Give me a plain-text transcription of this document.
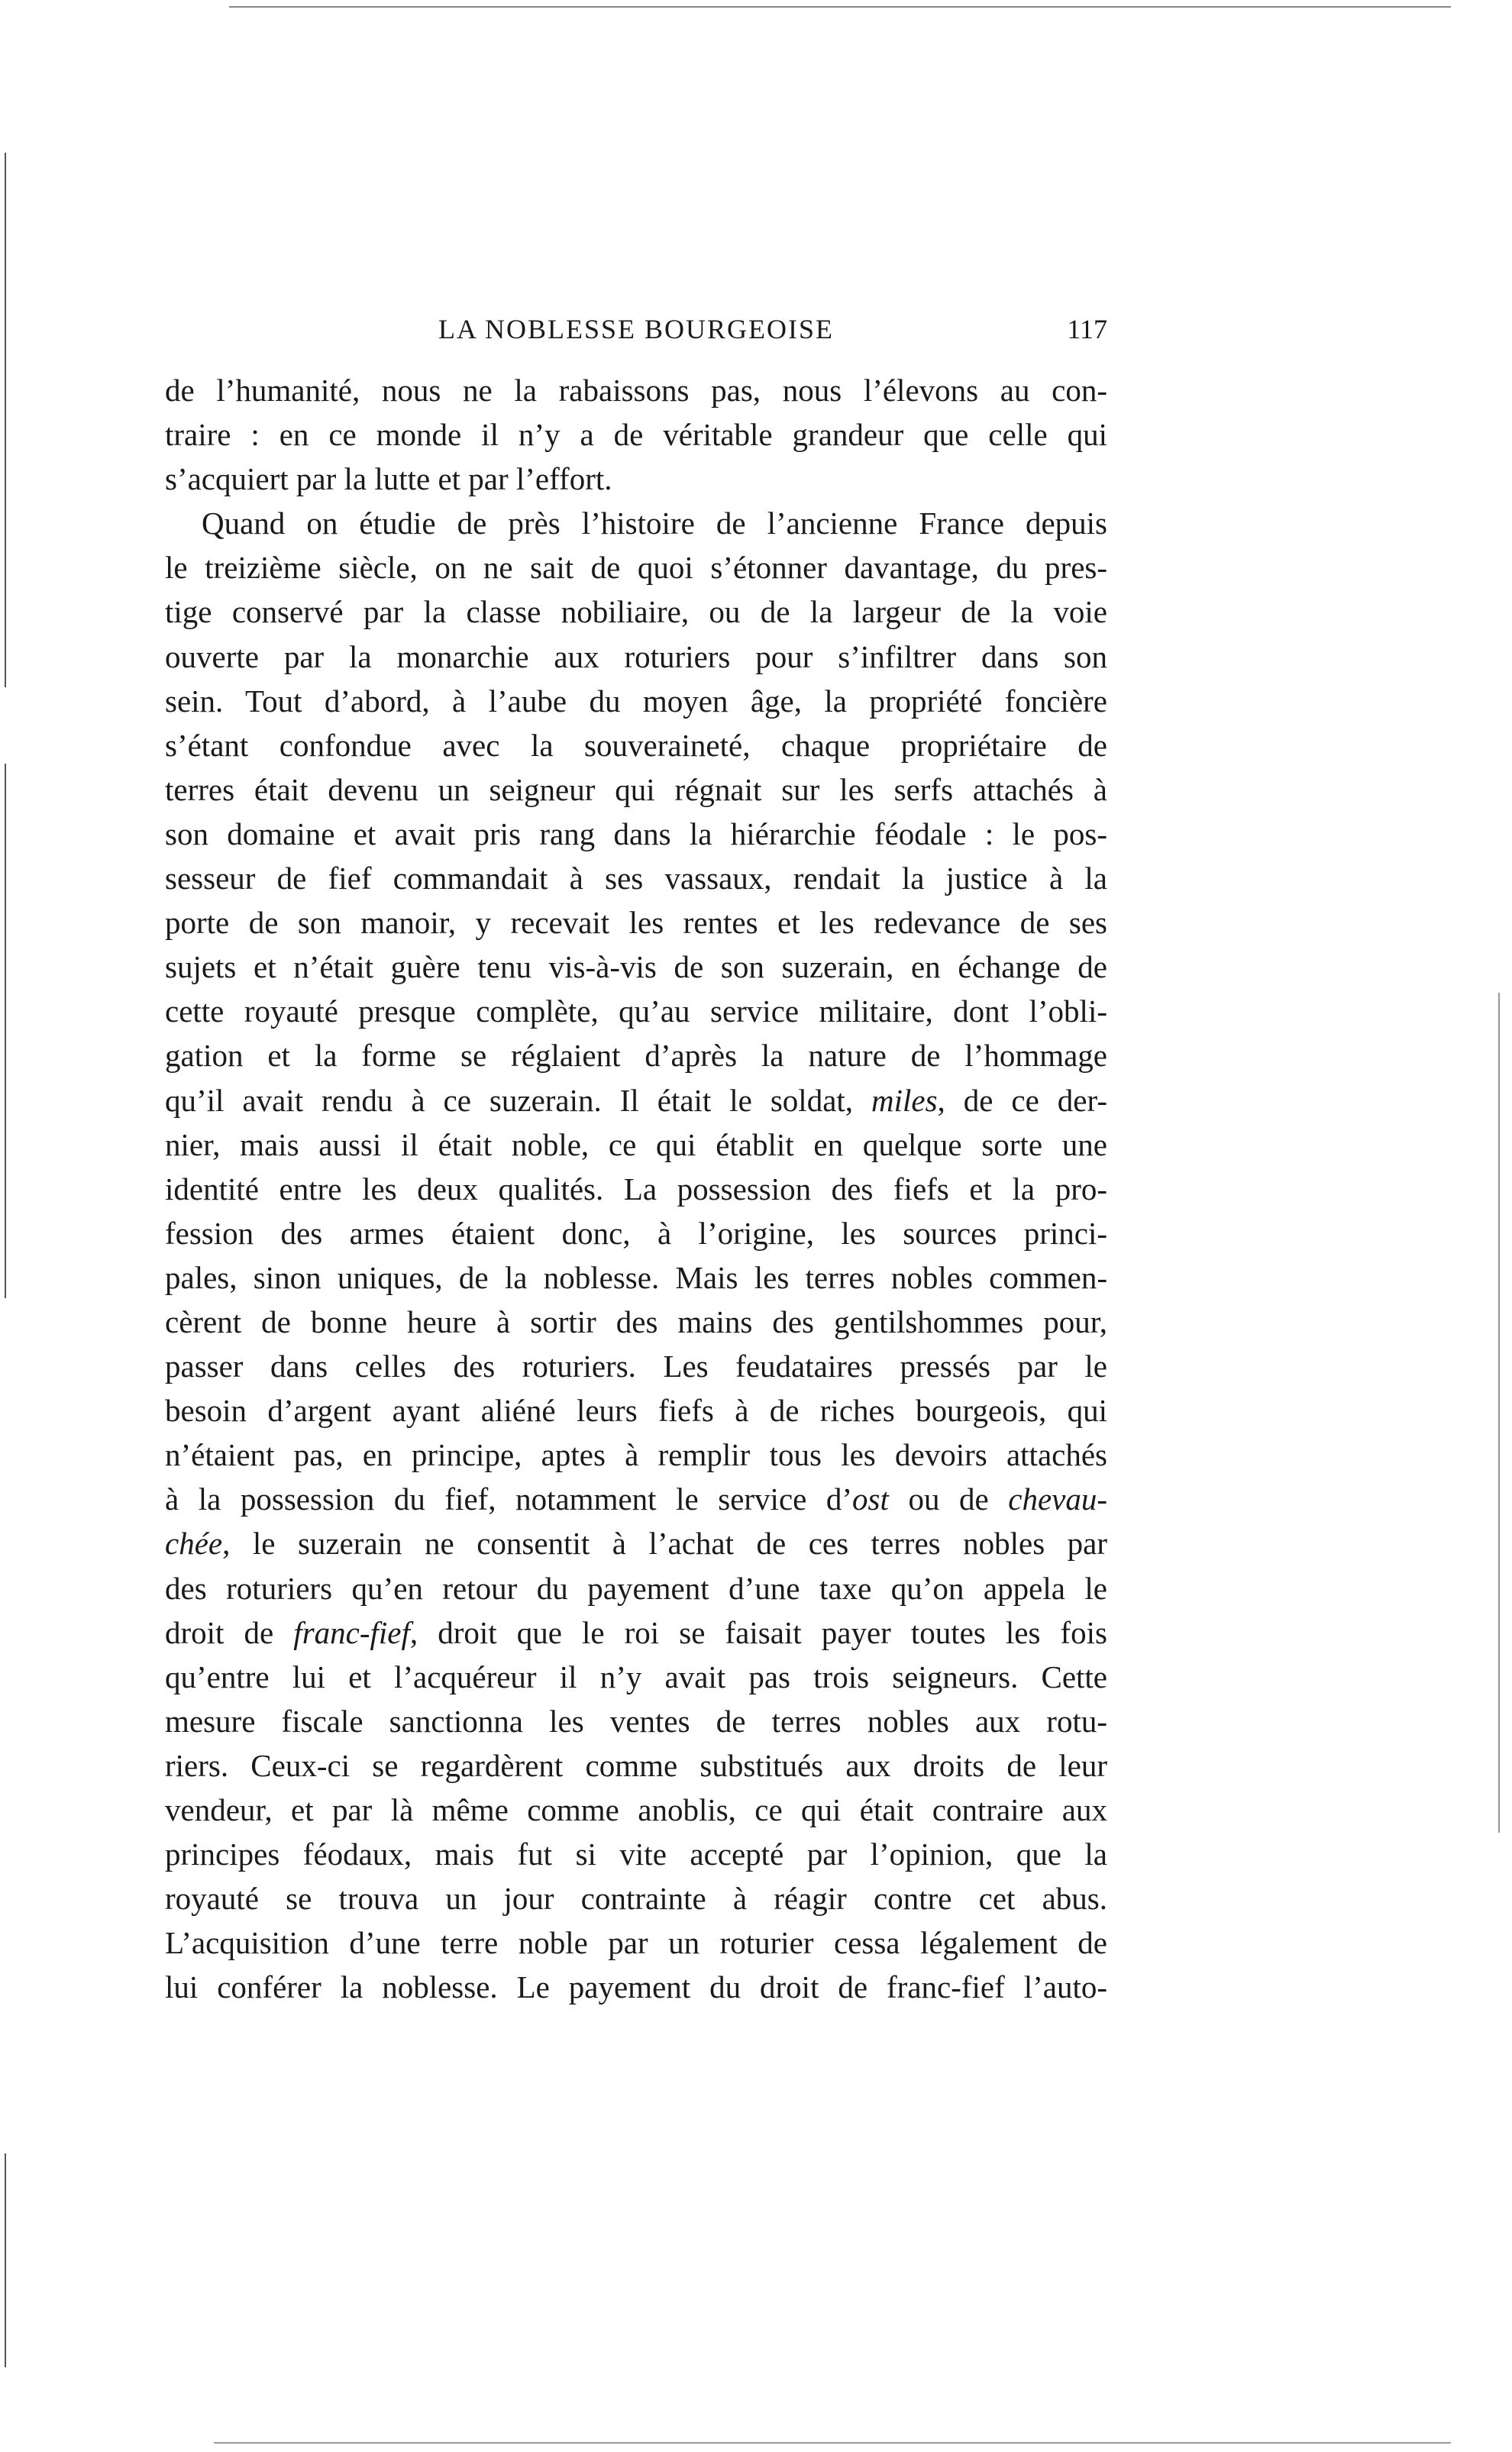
LA NOBLESSE BOURGEOISE	117
de l’humanité, nous ne la rabaissons pas, nous l’élevons au con-
traire : en ce monde il n’y a de véritable grandeur que celle qui
s’acquiert par la lutte et par l’effort.
Quand on étudie de près l’histoire de l’ancienne France depuis
le treizième siècle, on ne sait de quoi s’étonner davantage, du pres-
tige conservé par la classe nobiliaire, ou de la largeur de la voie
ouverte par la monarchie aux roturiers pour s’infiltrer dans son
sein. Tout d’abord, à l’aube du moyen âge, la propriété foncière
s’étant confondue avec la souveraineté, chaque propriétaire de
terres était devenu un seigneur qui régnait sur les serfs attachés à
son domaine et avait pris rang dans la hiérarchie féodale : le pos-
sesseur de fief commandait à ses vassaux, rendait la justice à la
porte de son manoir, y recevait les rentes et les redevance de ses
sujets et n’était guère tenu vis-à-vis de son suzerain, en échange de
cette royauté presque complète, qu’au service militaire, dont l’obli-
gation et la forme se réglaient d’après la nature de l’hommage
qu’il avait rendu à ce suzerain. Il était le soldat, miles, de ce der-
nier, mais aussi il était noble, ce qui établit en quelque sorte une
identité entre les deux qualités. La possession des fiefs et la pro-
fession des armes étaient donc, à l’origine, les sources princi-
pales, sinon uniques, de la noblesse. Mais les terres nobles commen-
cèrent de bonne heure à sortir des mains des gentilshommes pour,
passer dans celles des roturiers. Les feudataires pressés par le
besoin d’argent ayant aliéné leurs fiefs à de riches bourgeois, qui
n’étaient pas, en principe, aptes à remplir tous les devoirs attachés
à la possession du fief, notamment le service d’ost ou de chevau-
chée, le suzerain ne consentit à l’achat de ces terres nobles par
des roturiers qu’en retour du payement d’une taxe qu’on appela le
droit de franc-fief, droit que le roi se faisait payer toutes les fois
qu’entre lui et l’acquéreur il n’y avait pas trois seigneurs. Cette
mesure fiscale sanctionna les ventes de terres nobles aux rotu-
riers. Ceux-ci se regardèrent comme substitués aux droits de leur
vendeur, et par là même comme anoblis, ce qui était contraire aux
principes féodaux, mais fut si vite accepté par l’opinion, que la
royauté se trouva un jour contrainte à réagir contre cet abus.
L’acquisition d’une terre noble par un roturier cessa légalement de
lui conférer la noblesse. Le payement du droit de franc-fief l’auto-
